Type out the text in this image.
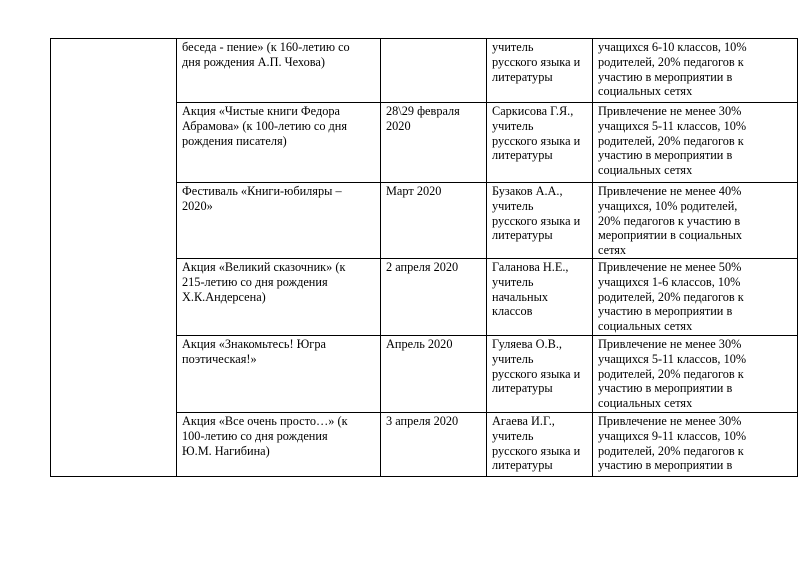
	беседа - пение» (к 160-летию со
дня рождения А.П. Чехова)		учитель
русского языка и
литературы	учащихся 6-10 классов, 10%
родителей, 20% педагогов к
участию в мероприятии в
социальных сетях

	Акция «Чистые книги Федора
Абрамова» (к 100-летию со дня
рождения писателя)	28\29 февраля
2020	Саркисова Г.Я.,
учитель
русского языка и
литературы	Привлечение не менее 30%
учащихся 5-11 классов, 10%
родителей, 20% педагогов к
участию в мероприятии в
социальных сетях

	Фестиваль «Книги-юбиляры –
2020»	Март 2020	Бузаков А.А.,
учитель
русского языка и
литературы	Привлечение не менее 40%
учащихся, 10% родителей,
20% педагогов к участию в
мероприятии в социальных
сетях

	Акция «Великий сказочник» (к
215-летию со дня рождения
Х.К.Андерсена)	2 апреля 2020	Галанова Н.Е.,
учитель
начальных
классов	Привлечение не менее 50%
учащихся 1-6 классов, 10%
родителей, 20% педагогов к
участию в мероприятии в
социальных сетях

	Акция «Знакомьтесь! Югра
поэтическая!»	Апрель 2020	Гуляева О.В.,
учитель
русского языка и
литературы	Привлечение не менее 30%
учащихся 5-11 классов, 10%
родителей, 20% педагогов к
участию в мероприятии в
социальных сетях

	Акция «Все очень просто…» (к
100-летию со дня рождения
Ю.М. Нагибина)	3 апреля 2020	Агаева И.Г.,
учитель
русского языка и
литературы	Привлечение не менее 30%
учащихся 9-11 классов, 10%
родителей, 20% педагогов к
участию в мероприятии в
